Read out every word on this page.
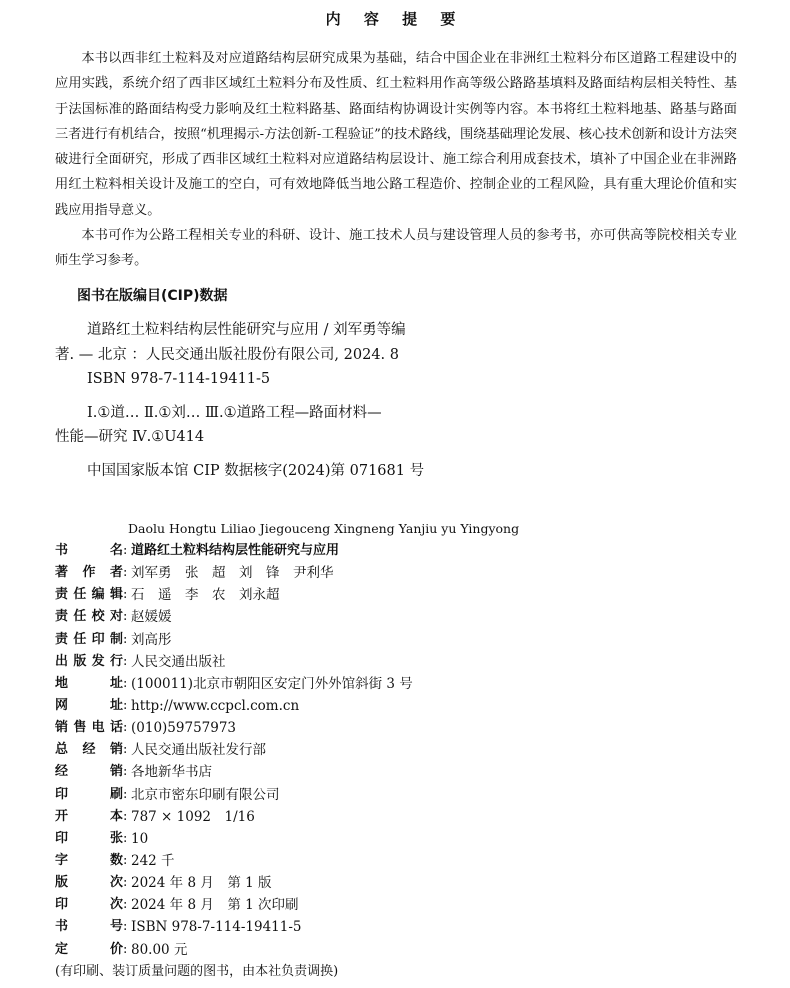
内 容 提 要

本书以西非红土粒料及对应道路结构层研究成果为基础，结合中国企业在非洲红土粒料分布区道路工程建设中的应用实践，系统介绍了西非区域红土粒料分布及性质、红土粒料用作高等级公路路基填料及路面结构层相关特性、基于法国标准的路面结构受力影响及红土粒料路基、路面结构协调设计实例等内容。本书将红土粒料地基、路基与路面三者进行有机结合，按照“机理揭示-方法创新-工程验证”的技术路线，围绕基础理论发展、核心技术创新和设计方法突破进行全面研究，形成了西非区域红土粒料对应道路结构层设计、施工综合利用成套技术，填补了中国企业在非洲路用红土粒料相关设计及施工的空白，可有效地降低当地公路工程造价、控制企业的工程风险，具有重大理论价值和实践应用指导意义。

本书可作为公路工程相关专业的科研、设计、施工技术人员与建设管理人员的参考书，亦可供高等院校相关专业师生学习参考。

图书在版编目(CIP)数据
道路红土粒料结构层性能研究与应用 / 刘军勇等编
著. — 北京 ：人民交通出版社股份有限公司, 2024. 8
ISBN 978-7-114-19411-5
Ⅰ.①道… Ⅱ.①刘… Ⅲ.①道路工程—路面材料—
性能—研究 Ⅳ.①U414
中国国家版本馆 CIP 数据核字(2024)第 071681 号
Daolu Hongtu Liliao Jiegouceng Xingneng Yanjiu yu Yingyong
书	名 : 道路红土粒料结构层性能研究与应用
著 作 者 : 刘军勇　张　超　刘　锋　尹利华
责 任 编 辑 : 石　遥　李　农　刘永超
责 任 校 对 : 赵媛媛
责 任 印 制 : 刘高彤
出 版 发 行 : 人民交通出版社
地	址 : (100011)北京市朝阳区安定门外外馆斜街 3 号
网	址 : http://www.ccpcl.com.cn
销 售 电 话 : (010)59757973
总 经 销 : 人民交通出版社发行部
经	销 : 各地新华书店
印	刷 : 北京市密东印刷有限公司
开	本 : 787 × 1092　1/16
印	张 : 10
字	数 : 242 千
版	次 : 2024 年 8 月　第 1 版
印	次 : 2024 年 8 月　第 1 次印刷
书	号 : ISBN 978-7-114-19411-5
定	价 : 80.00 元
(有印刷、装订质量问题的图书，由本社负责调换)
